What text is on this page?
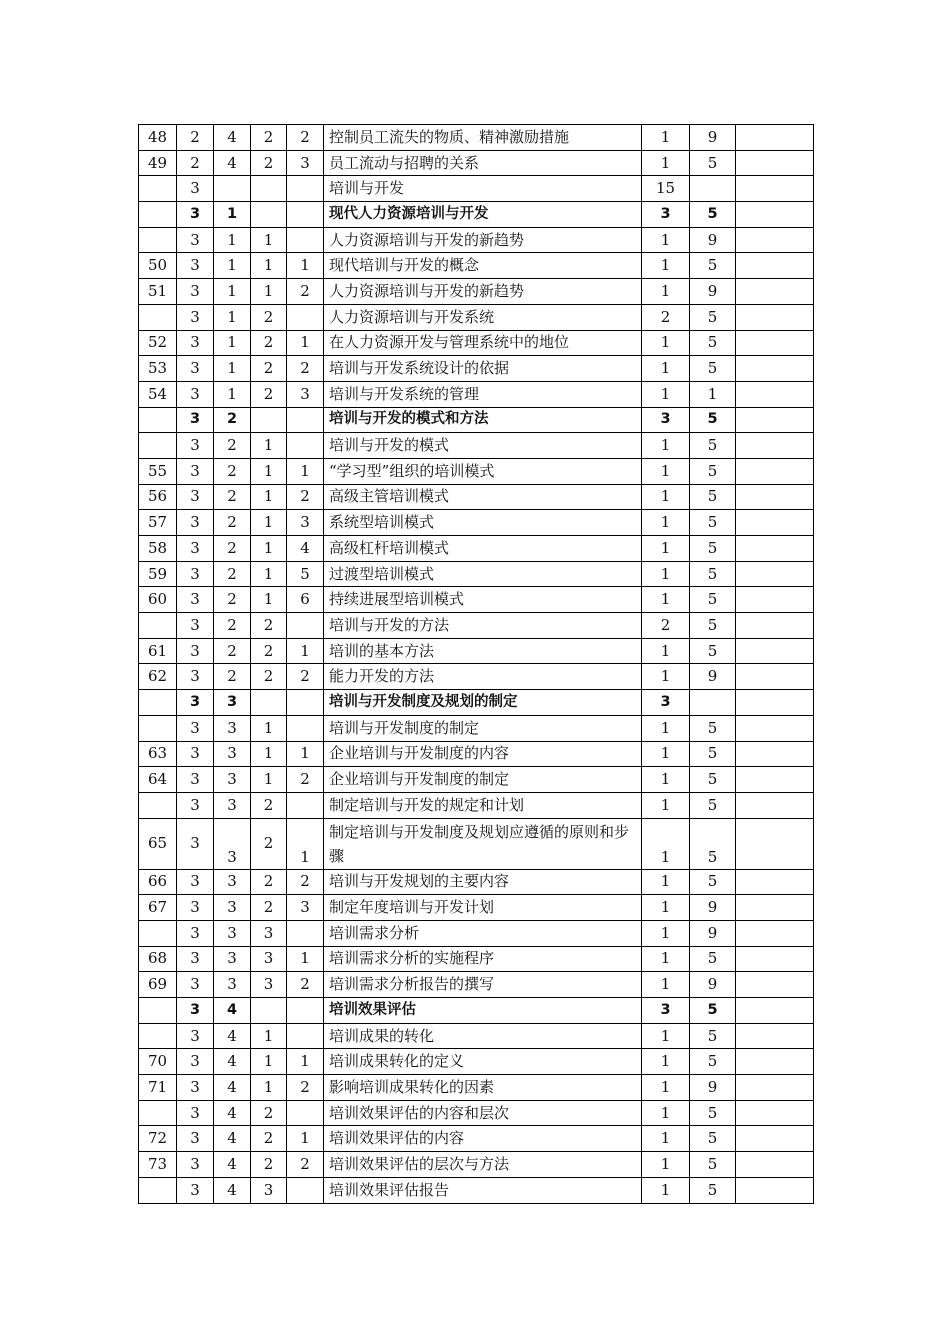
48	2	4	2	2	控制员工流失的物质、精神激励措施	1	9	
49	2	4	2	3	员工流动与招聘的关系	1	5	
	3				培训与开发	15		
	3	1			现代人力资源培训与开发	3	5	
	3	1	1		人力资源培训与开发的新趋势	1	9	
50	3	1	1	1	现代培训与开发的概念	1	5	
51	3	1	1	2	人力资源培训与开发的新趋势	1	9	
	3	1	2		人力资源培训与开发系统	2	5	
52	3	1	2	1	在人力资源开发与管理系统中的地位	1	5	
53	3	1	2	2	培训与开发系统设计的依据	1	5	
54	3	1	2	3	培训与开发系统的管理	1	1	
	3	2			培训与开发的模式和方法	3	5	
	3	2	1		培训与开发的模式	1	5	
55	3	2	1	1	“学习型”组织的培训模式	1	5	
56	3	2	1	2	高级主管培训模式	1	5	
57	3	2	1	3	系统型培训模式	1	5	
58	3	2	1	4	高级杠杆培训模式	1	5	
59	3	2	1	5	过渡型培训模式	1	5	
60	3	2	1	6	持续进展型培训模式	1	5	
	3	2	2		培训与开发的方法	2	5	
61	3	2	2	1	培训的基本方法	1	5	
62	3	2	2	2	能力开发的方法	1	9	
	3	3			培训与开发制度及规划的制定	3		
	3	3	1		培训与开发制度的制定	1	5	
63	3	3	1	1	企业培训与开发制度的内容	1	5	
64	3	3	1	2	企业培训与开发制度的制定	1	5	
	3	3	2		制定培训与开发的规定和计划	1	5	
65	3	3	2	1	制定培训与开发制度及规划应遵循的原则和步骤	1	5	
66	3	3	2	2	培训与开发规划的主要内容	1	5	
67	3	3	2	3	制定年度培训与开发计划	1	9	
	3	3	3		培训需求分析	1	9	
68	3	3	3	1	培训需求分析的实施程序	1	5	
69	3	3	3	2	培训需求分析报告的撰写	1	9	
	3	4			培训效果评估	3	5	
	3	4	1		培训成果的转化	1	5	
70	3	4	1	1	培训成果转化的定义	1	5	
71	3	4	1	2	影响培训成果转化的因素	1	9	
	3	4	2		培训效果评估的内容和层次	1	5	
72	3	4	2	1	培训效果评估的内容	1	5	
73	3	4	2	2	培训效果评估的层次与方法	1	5	
	3	4	3		培训效果评估报告	1	5	
